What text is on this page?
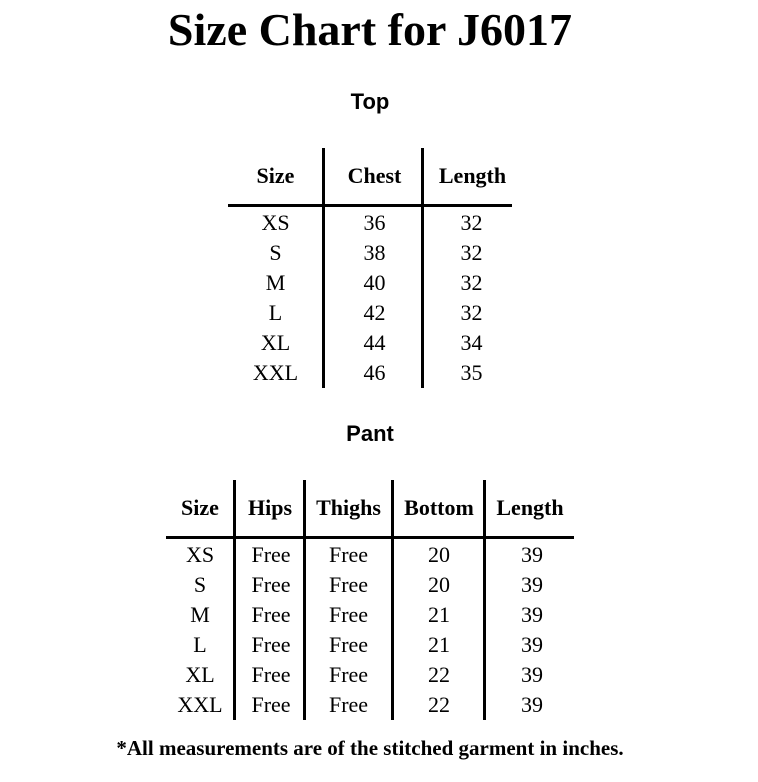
Size Chart for J6017
Top
Size	Chest	Length
XS	36	32
S	38	32
M	40	32
L	42	32
XL	44	34
XXL	46	35
Pant
Size	Hips	Thighs	Bottom	Length
XS	Free	Free	20	39
S	Free	Free	20	39
M	Free	Free	21	39
L	Free	Free	21	39
XL	Free	Free	22	39
XXL	Free	Free	22	39
*All measurements are of the stitched garment in inches.
